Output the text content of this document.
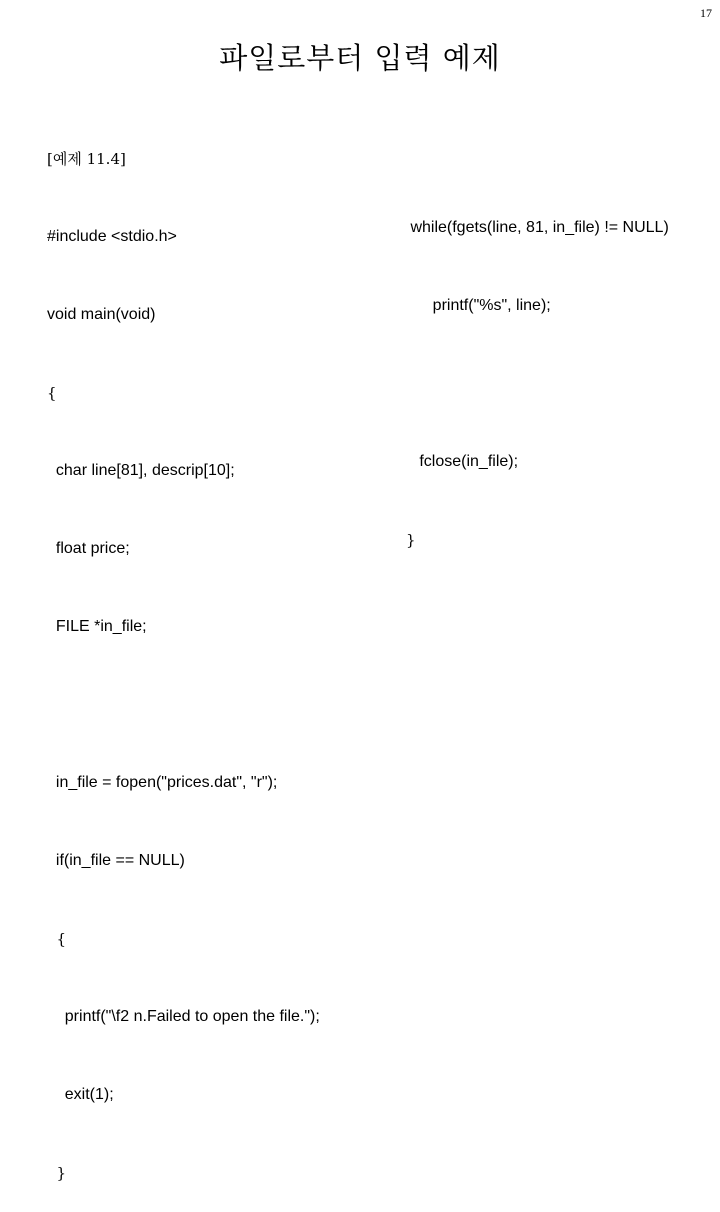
17
파일로부터 입력 예제

[예제 11.4]

#include <stdio.h>

void main(void)

{

char line[81], descrip[10];

float price;

FILE *in_file;

in_file = fopen("prices.dat", "r");

if(in_file == NULL)

{

printf("\f2 n.Failed to open the file.");

exit(1);

}

while(fgets(line, 81, in_file) != NULL)

printf("%s", line);

fclose(in_file);

}
